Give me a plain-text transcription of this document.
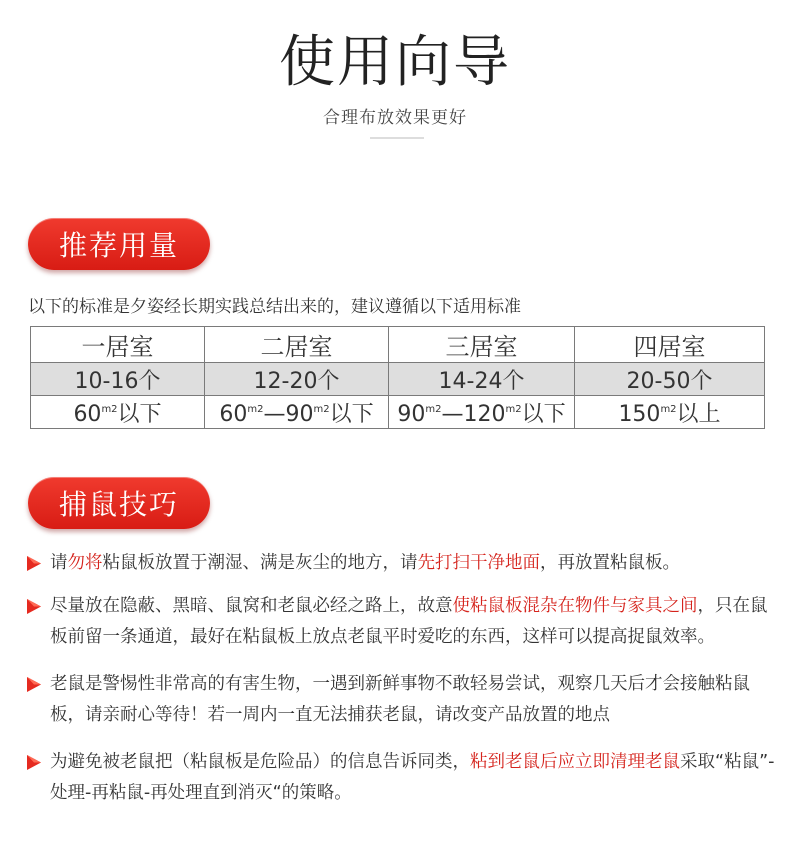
使用向导
合理布放效果更好
推荐用量
以下的标准是夕姿经长期实践总结出来的，建议遵循以下适用标准
一居室	二居室	三居室	四居室
10-16个	12-20个	14-24个	20-50个
$60^{m2}$以下	$60^{m2}—90^{m2}$以下	$90^{m2}—120^{m2}$以下	$150^{m2}$以上
捕鼠技巧
请勿将粘鼠板放置于潮湿、满是灰尘的地方，请先打扫干净地面，再放置粘鼠板。
尽量放在隐蔽、黑暗、鼠窝和老鼠必经之路上，故意使粘鼠板混杂在物件与家具之间，只在鼠板前留一条通道，最好在粘鼠板上放点老鼠平时爱吃的东西，这样可以提高捉鼠效率。
老鼠是警惕性非常高的有害生物，一遇到新鲜事物不敢轻易尝试，观察几天后才会接触粘鼠板，请亲耐心等待！若一周内一直无法捕获老鼠，请改变产品放置的地点
为避免被老鼠把（粘鼠板是危险品）的信息告诉同类，粘到老鼠后应立即清理老鼠采取“粘鼠”-处理-再粘鼠-再处理直到消灭“的策略。
